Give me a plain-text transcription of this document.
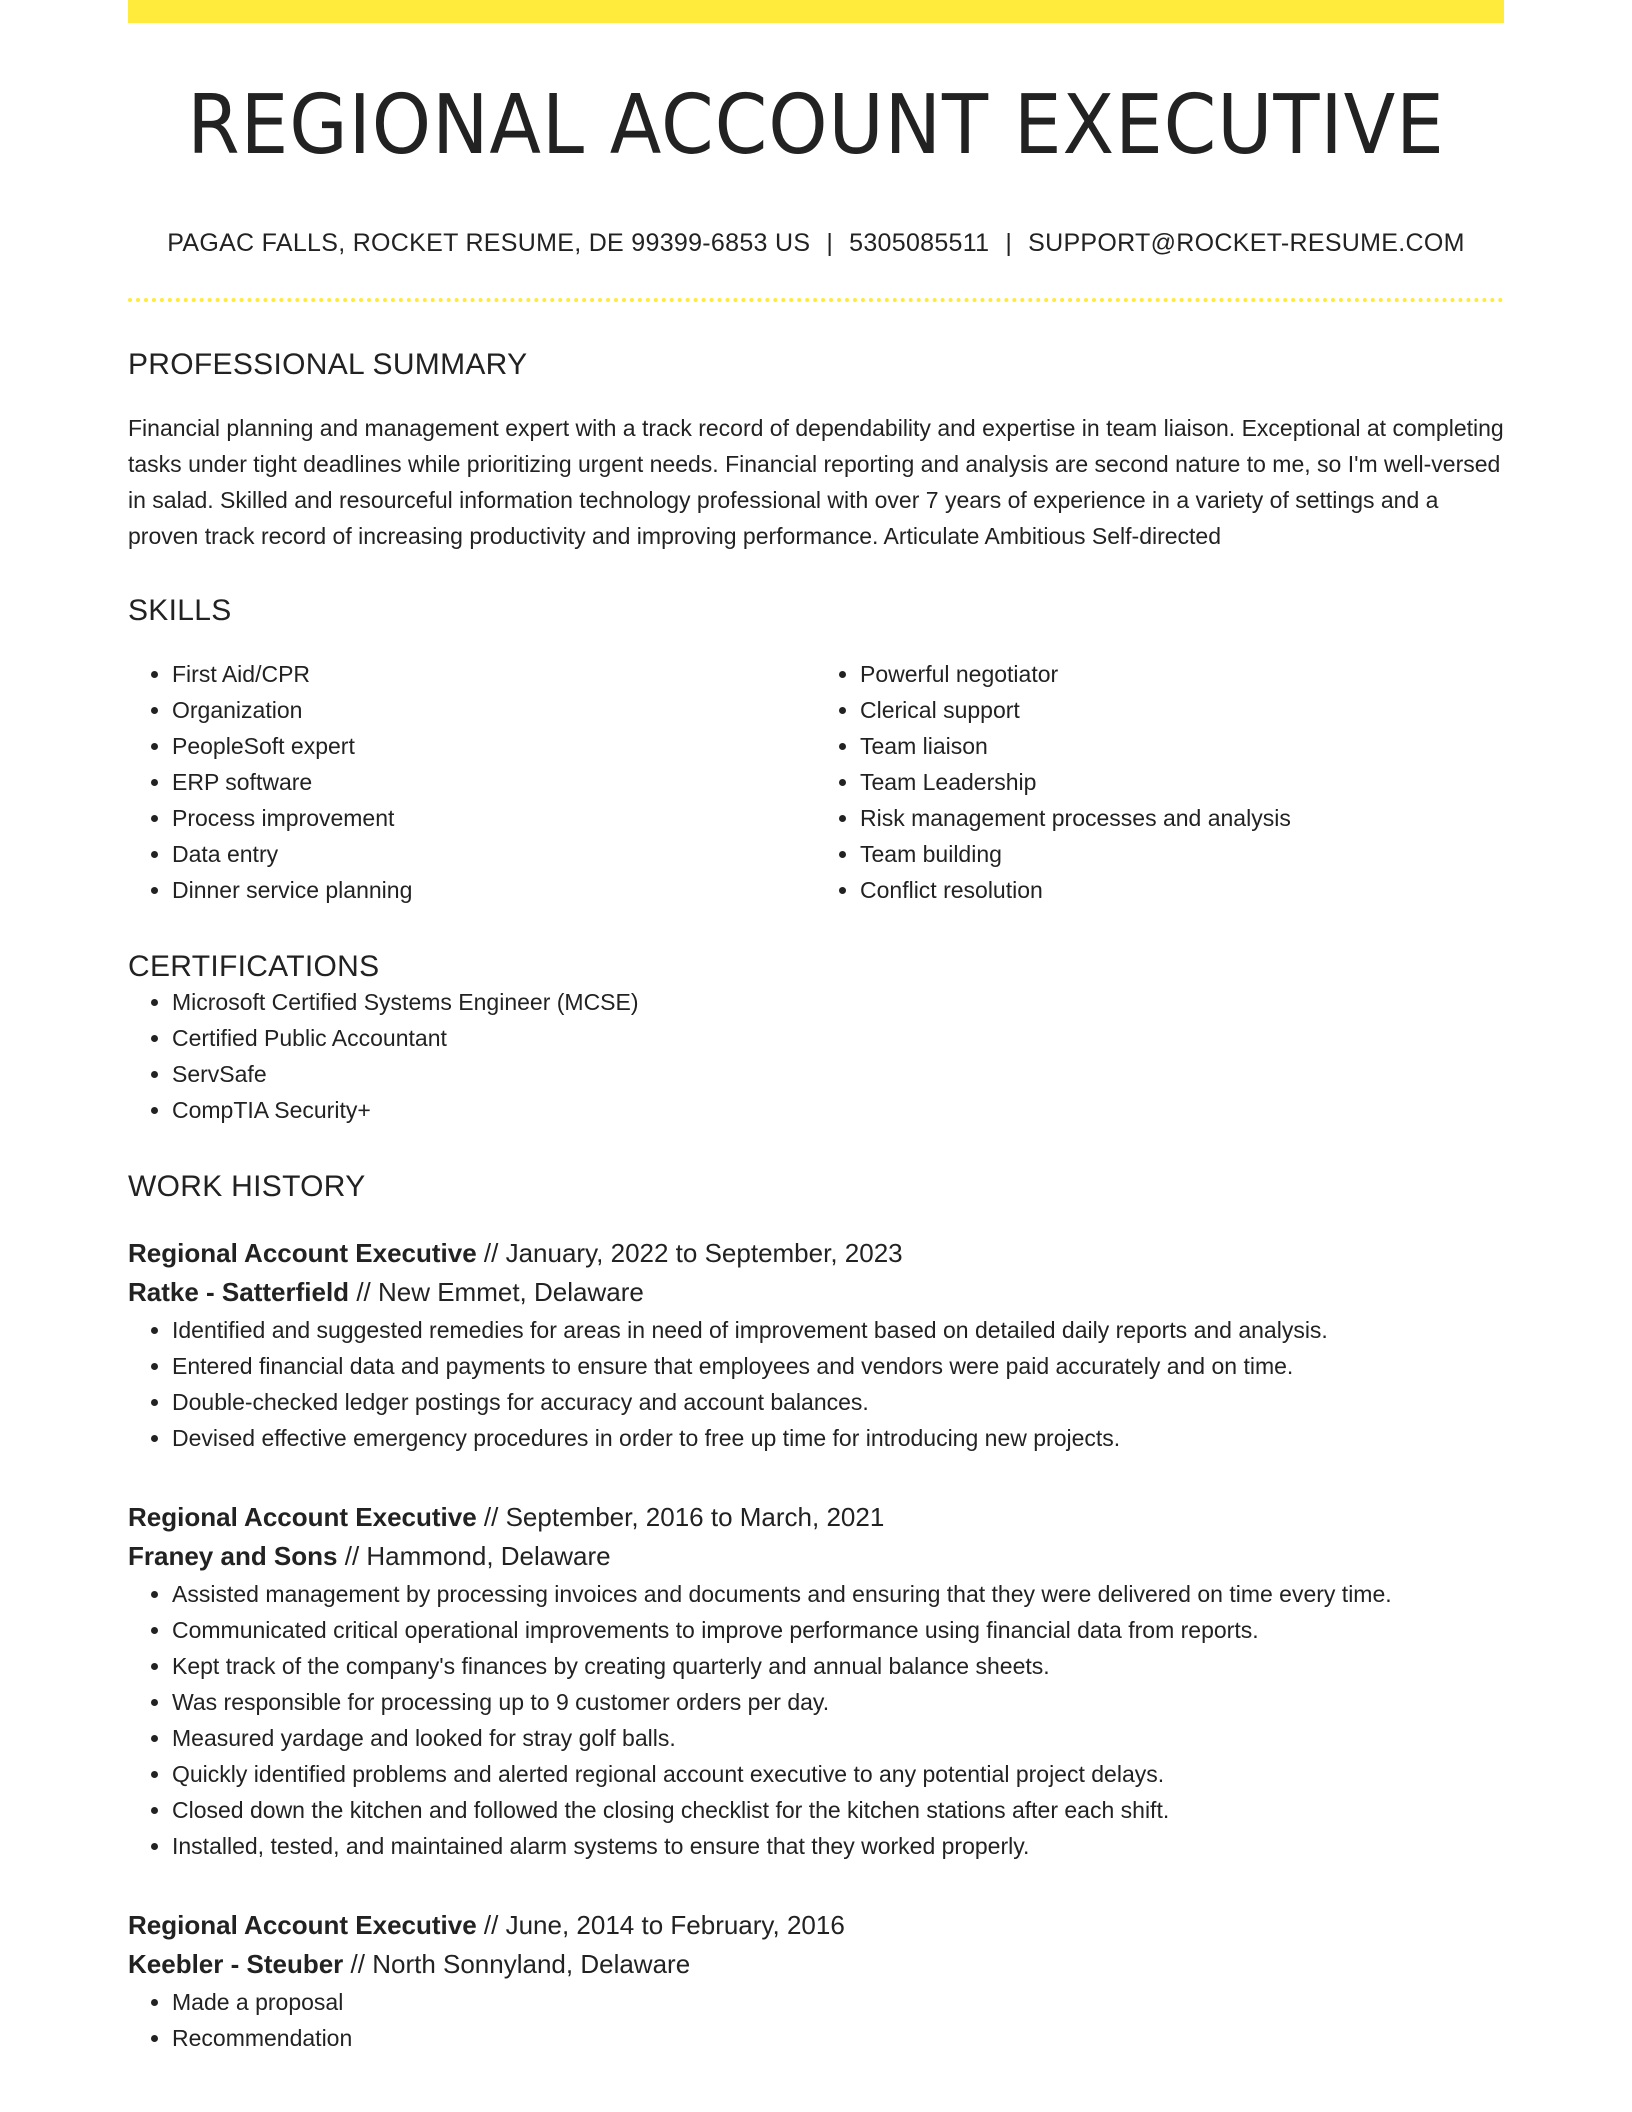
REGIONAL ACCOUNT EXECUTIVE
PAGAC FALLS, ROCKET RESUME, DE 99399-6853 US | 5305085511 | SUPPORT@ROCKET-RESUME.COM
PROFESSIONAL SUMMARY
Financial planning and management expert with a track record of dependability and expertise in team liaison. Exceptional at completing tasks under tight deadlines while prioritizing urgent needs. Financial reporting and analysis are second nature to me, so I'm well-versed in salad. Skilled and resourceful information technology professional with over 7 years of experience in a variety of settings and a proven track record of increasing productivity and improving performance. Articulate Ambitious Self-directed
SKILLS
• First Aid/CPR
• Organization
• PeopleSoft expert
• ERP software
• Process improvement
• Data entry
• Dinner service planning
• Powerful negotiator
• Clerical support
• Team liaison
• Team Leadership
• Risk management processes and analysis
• Team building
• Conflict resolution
CERTIFICATIONS
• Microsoft Certified Systems Engineer (MCSE)
• Certified Public Accountant
• ServSafe
• CompTIA Security+
WORK HISTORY
Regional Account Executive // January, 2022 to September, 2023
Ratke - Satterfield // New Emmet, Delaware
• Identified and suggested remedies for areas in need of improvement based on detailed daily reports and analysis.
• Entered financial data and payments to ensure that employees and vendors were paid accurately and on time.
• Double-checked ledger postings for accuracy and account balances.
• Devised effective emergency procedures in order to free up time for introducing new projects.
Regional Account Executive // September, 2016 to March, 2021
Franey and Sons // Hammond, Delaware
• Assisted management by processing invoices and documents and ensuring that they were delivered on time every time.
• Communicated critical operational improvements to improve performance using financial data from reports.
• Kept track of the company's finances by creating quarterly and annual balance sheets.
• Was responsible for processing up to 9 customer orders per day.
• Measured yardage and looked for stray golf balls.
• Quickly identified problems and alerted regional account executive to any potential project delays.
• Closed down the kitchen and followed the closing checklist for the kitchen stations after each shift.
• Installed, tested, and maintained alarm systems to ensure that they worked properly.
Regional Account Executive // June, 2014 to February, 2016
Keebler - Steuber // North Sonnyland, Delaware
• Made a proposal
• Recommendation
